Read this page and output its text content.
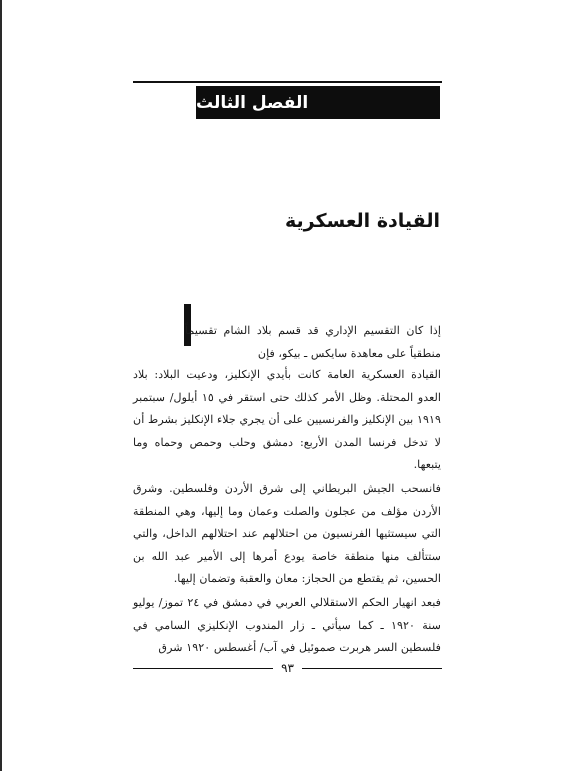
الفصل الثالث
القيادة العسكرية
إذا كان التقسيم الإداري قد قسم بلاد الشام تقسيماً منطقياً على معاهدة سايكس ـ بيكو، فإن
القيادة العسكرية العامة كانت بأيدي الإنكليز، ودعيت البلاد: بلاد العدو المحتلة. وظل الأمر كذلك حتى استقر في ١٥ أيلول/ سبتمبر ١٩١٩ بين الإنكليز والفرنسيين على أن يجري جلاء الإنكليز بشرط أن لا تدخل فرنسا المدن الأربع: دمشق وحلب وحمص وحماه وما يتبعها.
فانسحب الجيش البريطاني إلى شرق الأردن وفلسطين. وشرق الأردن مؤلف من عجلون والصلت وعمان وما إليها، وهي المنطقة التي سيستثيها الفرنسيون من احتلالهم عند احتلالهم الداخل، والتي ستتألف منها منطقة خاصة يودع أمرها إلى الأمير عبد الله بن الحسين، ثم يقتطع من الحجاز: معان والعقبة وتضمان إليها.
فبعد انهيار الحكم الاستقلالي العربي في دمشق في ٢٤ تموز/ يوليو سنة ١٩٢٠ ـ كما سيأتي ـ زار المندوب الإنكليزي السامي في فلسطين السر هربرت صموئيل في آب/ أغسطس ١٩٢٠ شرق
٩٣
